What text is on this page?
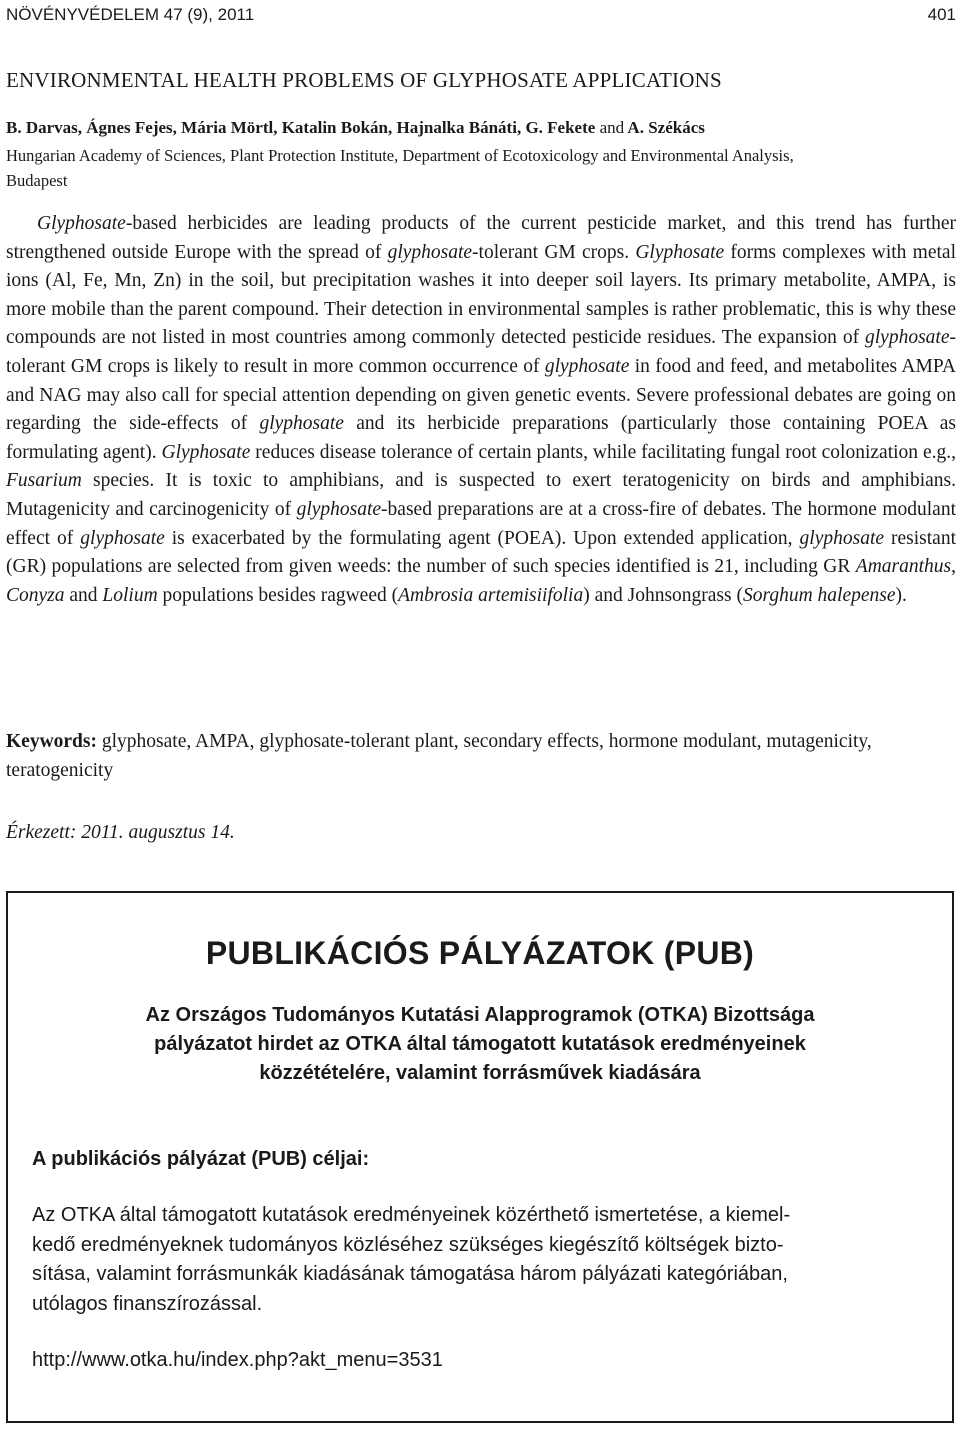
NÖVÉNYVÉDELEM 47 (9), 2011	401
ENVIRONMENTAL HEALTH PROBLEMS OF GLYPHOSATE APPLICATIONS
B. Darvas, Ágnes Fejes, Mária Mörtl, Katalin Bokán, Hajnalka Bánáti, G. Fekete and A. Székács
Hungarian Academy of Sciences, Plant Protection Institute, Department of Ecotoxicology and Environmental Analysis,
Budapest

Glyphosate-based herbicides are leading products of the current pesticide market, and this trend has further strengthened outside Europe with the spread of glyphosate-tolerant GM crops. Glyphosate forms complexes with metal ions (Al, Fe, Mn, Zn) in the soil, but precipitation washes it into deeper soil layers. Its primary metabolite, AMPA, is more mobile than the parent compound. Their detection in environmental samples is rather problematic, this is why these compounds are not listed in most countries among commonly detected pesticide residues. The expansion of glyphosate-tolerant GM crops is likely to result in more common occurrence of glyphosate in food and feed, and metabolites AMPA and NAG may also call for special attention depending on given genetic events. Severe professional debates are going on regarding the side-effects of glyphosate and its herbicide preparations (particularly those containing POEA as formulating agent). Glyphosate reduces disease tolerance of certain plants, while facilitating fungal root colonization e.g., Fusarium species. It is toxic to amphibians, and is suspected to exert teratogenicity on birds and amphibians. Mutagenicity and carcinogenicity of glyphosate-based preparations are at a cross-fire of debates. The hormone modulant effect of glyphosate is exacerbated by the formulating agent (POEA). Upon extended application, glyphosate resistant (GR) populations are selected from given weeds: the number of such species identified is 21, including GR Amaranthus, Conyza and Lolium populations besides ragweed (Ambrosia artemisiifolia) and Johnsongrass (Sorghum halepense).

Keywords: glyphosate, AMPA, glyphosate-tolerant plant, secondary effects, hormone modulant, mutagenicity, teratogenicity
Érkezett: 2011. augusztus 14.
PUBLIKÁCIÓS PÁLYÁZATOK (PUB)
Az Országos Tudományos Kutatási Alapprogramok (OTKA) Bizottsága
pályázatot hirdet az OTKA által támogatott kutatások eredményeinek
közzétételére, valamint forrásművek kiadására
A publikációs pályázat (PUB) céljai:
Az OTKA által támogatott kutatások eredményeinek közérthető ismertetése, a kiemel-
kedő eredményeknek tudományos közléséhez szükséges kiegészítő költségek bizto-
sítása, valamint forrásmunkák kiadásának támogatása három pályázati kategóriában,
utólagos finanszírozással.
http://www.otka.hu/index.php?akt_menu=3531
